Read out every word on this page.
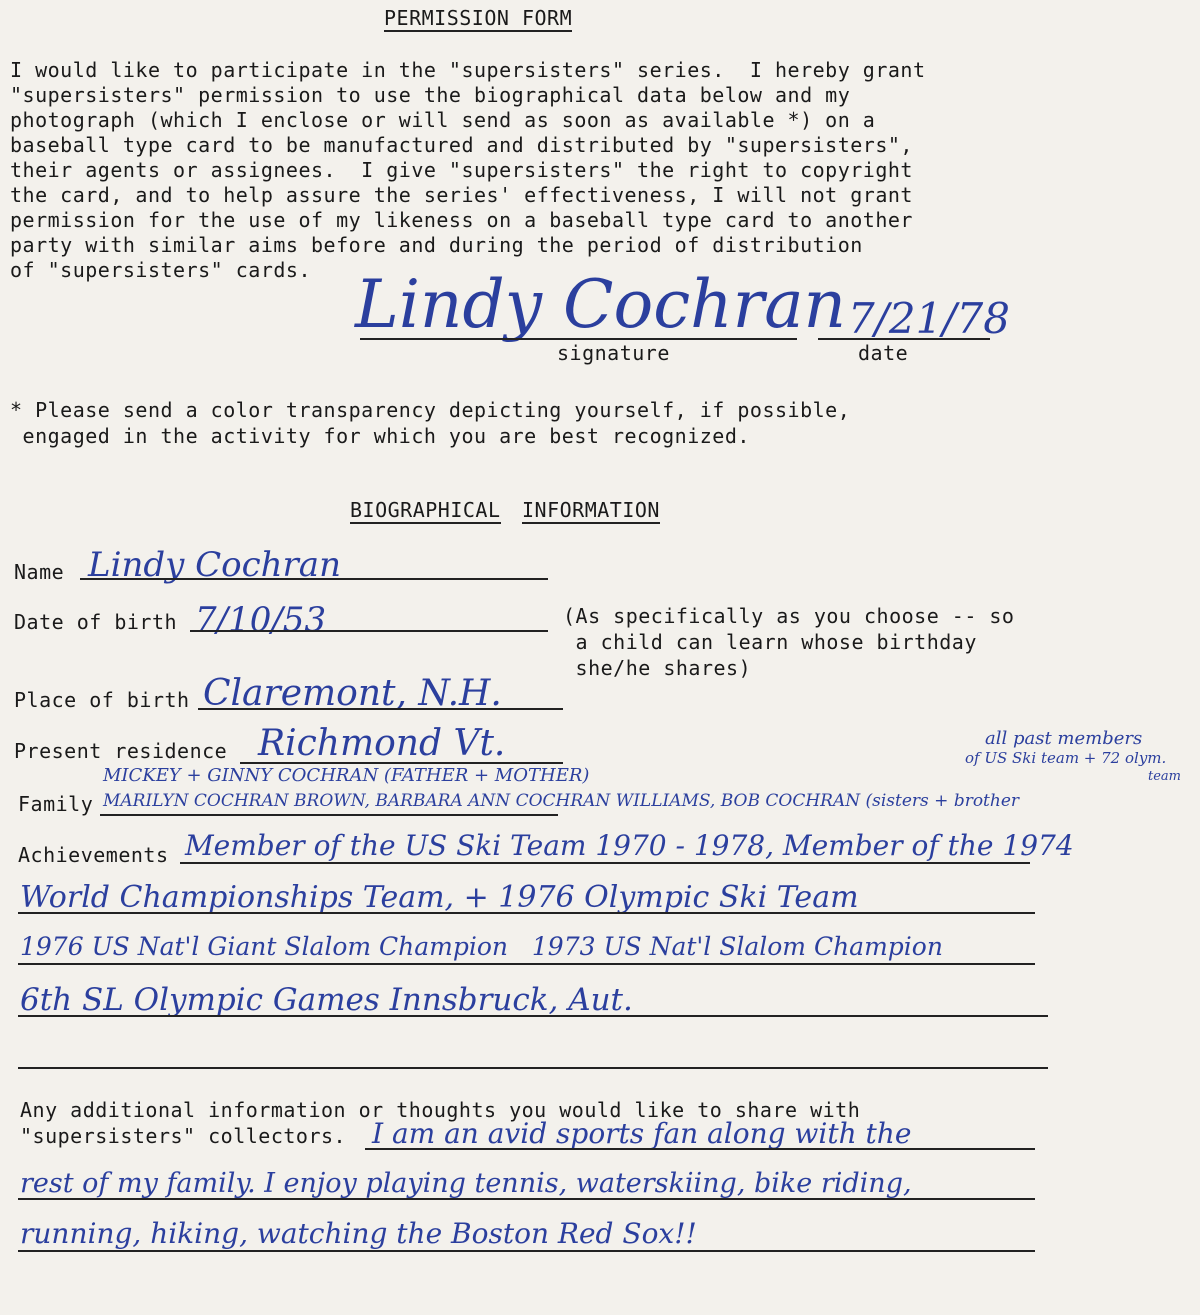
PERMISSION FORM
I would like to participate in the "supersisters" series.  I hereby grant
"supersisters" permission to use the biographical data below and my
photograph (which I enclose or will send as soon as available *) on a
baseball type card to be manufactured and distributed by "supersisters",
their agents or assignees.  I give "supersisters" the right to copyright
the card, and to help assure the series' effectiveness, I will not grant
permission for the use of my likeness on a baseball type card to another
party with similar aims before and during the period of distribution
of "supersisters" cards. Lindy Cochran
signature
7/21/78
date
* Please send a color transparency depicting yourself, if possible,
engaged in the activity for which you are best recognized.
BIOGRAPHICAL INFORMATION
Name Lindy Cochran
Date of birth 7/10/53	(As specifically as you choose -- so
a child can learn whose birthday
she/he shares)
Place of birth Claremont, N.H.
Present residence Richmond Vt.
Family
MICKEY + GINNY COCHRAN (FATHER + MOTHER)
MARILYN COCHRAN BROWN, BARBARA ANN COCHRAN WILLIAMS, BOB COCHRAN (sisters + brother
all past members
of US Ski team + 72 olym.
team
Achievements Member of the US Ski Team 1970 - 1978, Member of the 1974
World Championships Team, + 1976 Olympic Ski Team
1976 US Nat'l Giant Slalom Champion   1973 US Nat'l Slalom Champion
6th SL Olympic Games Innsbruck, Aut.
Any additional information or thoughts you would like to share with
"supersisters" collectors. I am an avid sports fan along with the
rest of my family. I enjoy playing tennis, waterskiing, bike riding,
running, hiking, watching the Boston Red Sox!!
